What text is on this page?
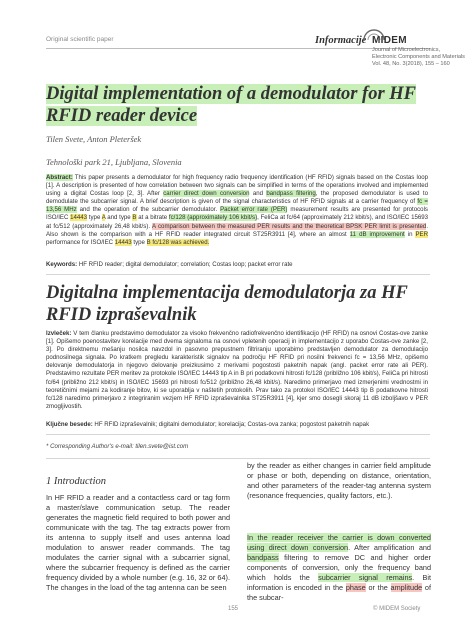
Original scientific paper	Informacije MIDEM
Journal of Microelectronics,
Electronic Components and Materials
Vol. 48, No. 3(2018), 155 – 160
Digital implementation of a demodulator for HF
RFID reader device
Tilen Svete, Anton Pleteršek
Tehnološki park 21, Ljubljana, Slovenia
Abstract: This paper presents a demodulator for high frequency radio frequency identification (HF RFID) signals based on the Costas loop [1]. A description is presented of how correlation between two signals can be simplified in terms of the operations involved and implemented using a digital Costas loop [2, 3]. After carrier direct down conversion and bandpass filtering, the proposed demodulator is used to demodulate the subcarrier signal. A brief description is given of the signal characteristics of HF RFID signals at a carrier frequency of fc = 13,56 MHz and the operation of the subcarrier demodulator. Packet error rate (PER) measurement results are presented for protocols ISO/IEC 14443 type A and type B at a bitrate fc/128 (approximately 106 kbit/s), FeliCa at fc/64 (approximately 212 kbit/s), and ISO/IEC 15693 at fc/512 (approximately 26,48 kbit/s). A comparison between the measured PER results and the theoretical BPSK PER limit is presented. Also shown is the comparison with a HF RFID reader integrated circuit ST25R3911 [4], where an almost 11 dB improvement in PER performance for ISO/IEC 14443 type B fc/128 was achieved.
Keywords: HF RFID reader; digital demodulator; correlation; Costas loop; packet error rate
Digitalna implementacija demodulatorja za HF
RFID izpraševalnik
Izvleček: V tem članku predstavimo demodulator za visoko frekvenčno radiofrekvenčno identifikacijo (HF RFID) na osnovi Costas-ove zanke [1]. Opišemo poenostavitev korelacije med dvema signaloma na osnovi vpletenih operacij in implementacijo z uporabo Costas-ove zanke [2, 3]. Po direktnemu mešanju nosilca navzdol in pasovno prepustnem filtriranju uporabimo predstavljen demodulator za demodulacijo podnosilnega signala. Po kratkem pregledu karakteristik signalov na področju HF RFID pri nosilni frekvenci fc = 13,56 MHz, opišemo delovanje demodulatorja in njegovo delovanje preizkusimo z merivami pogostosti paketnih napak (angl. packet error rate ali PER). Predstavimo rezultate PER meritev za protokole ISO/IEC 14443 tip A in B pri podatkovni hitrosti fc/128 (približno 106 kbit/s), FeliCa pri hitrosti fc/64 (približno 212 kbit/s) in ISO/IEC 15693 pri hitrosti fc/512 (približno 26,48 kbit/s). Naredimo primerjavo med izmerjenimi vrednostmi in teoretičnimi mejami za kodiranje bitov, ki se uporablja v naštetih protokolih. Prav tako za protokol ISO/IEC 14443 tip B podatkovne hitrosti fc/128 naredimo primerjavo z integriranim vezjem HF RFID izpraševalnika ST25R3911 [4], kjer smo dosegli skoraj 11 dB izboljšavo v PER zmogljivostih.
Ključne besede: HF RFID izpraševalnik; digitalni demodulator; korelacija; Costas-ova zanka; pogostost paketnih napak
* Corresponding Author's e-mail: tilen.svete@ist.com
1 Introduction
In HF RFID a reader and a contactless card or tag form a master/slave communication setup. The reader generates the magnetic field required to both power and communicate with the tag. The tag extracts power from its antenna to supply itself and uses antenna load modulation to answer reader commands. The tag modulates the carrier signal with a subcarrier signal, where the subcarrier frequency is defined as the carrier frequency divided by a whole number (e.g. 16, 32 or 64). The changes in the load of the tag antenna can be seen
by the reader as either changes in carrier field amplitude or phase or both, depending on distance, orientation, and other parameters of the reader-tag antenna system (resonance frequencies, quality factors, etc.).
In the reader receiver the carrier is down converted using direct down conversion. After amplification and bandpass filtering to remove DC and higher order components of conversion, only the frequency band which holds the subcarrier signal remains. Bit information is encoded in the phase or the amplitude of the subcar-
155	© MIDEM Society
